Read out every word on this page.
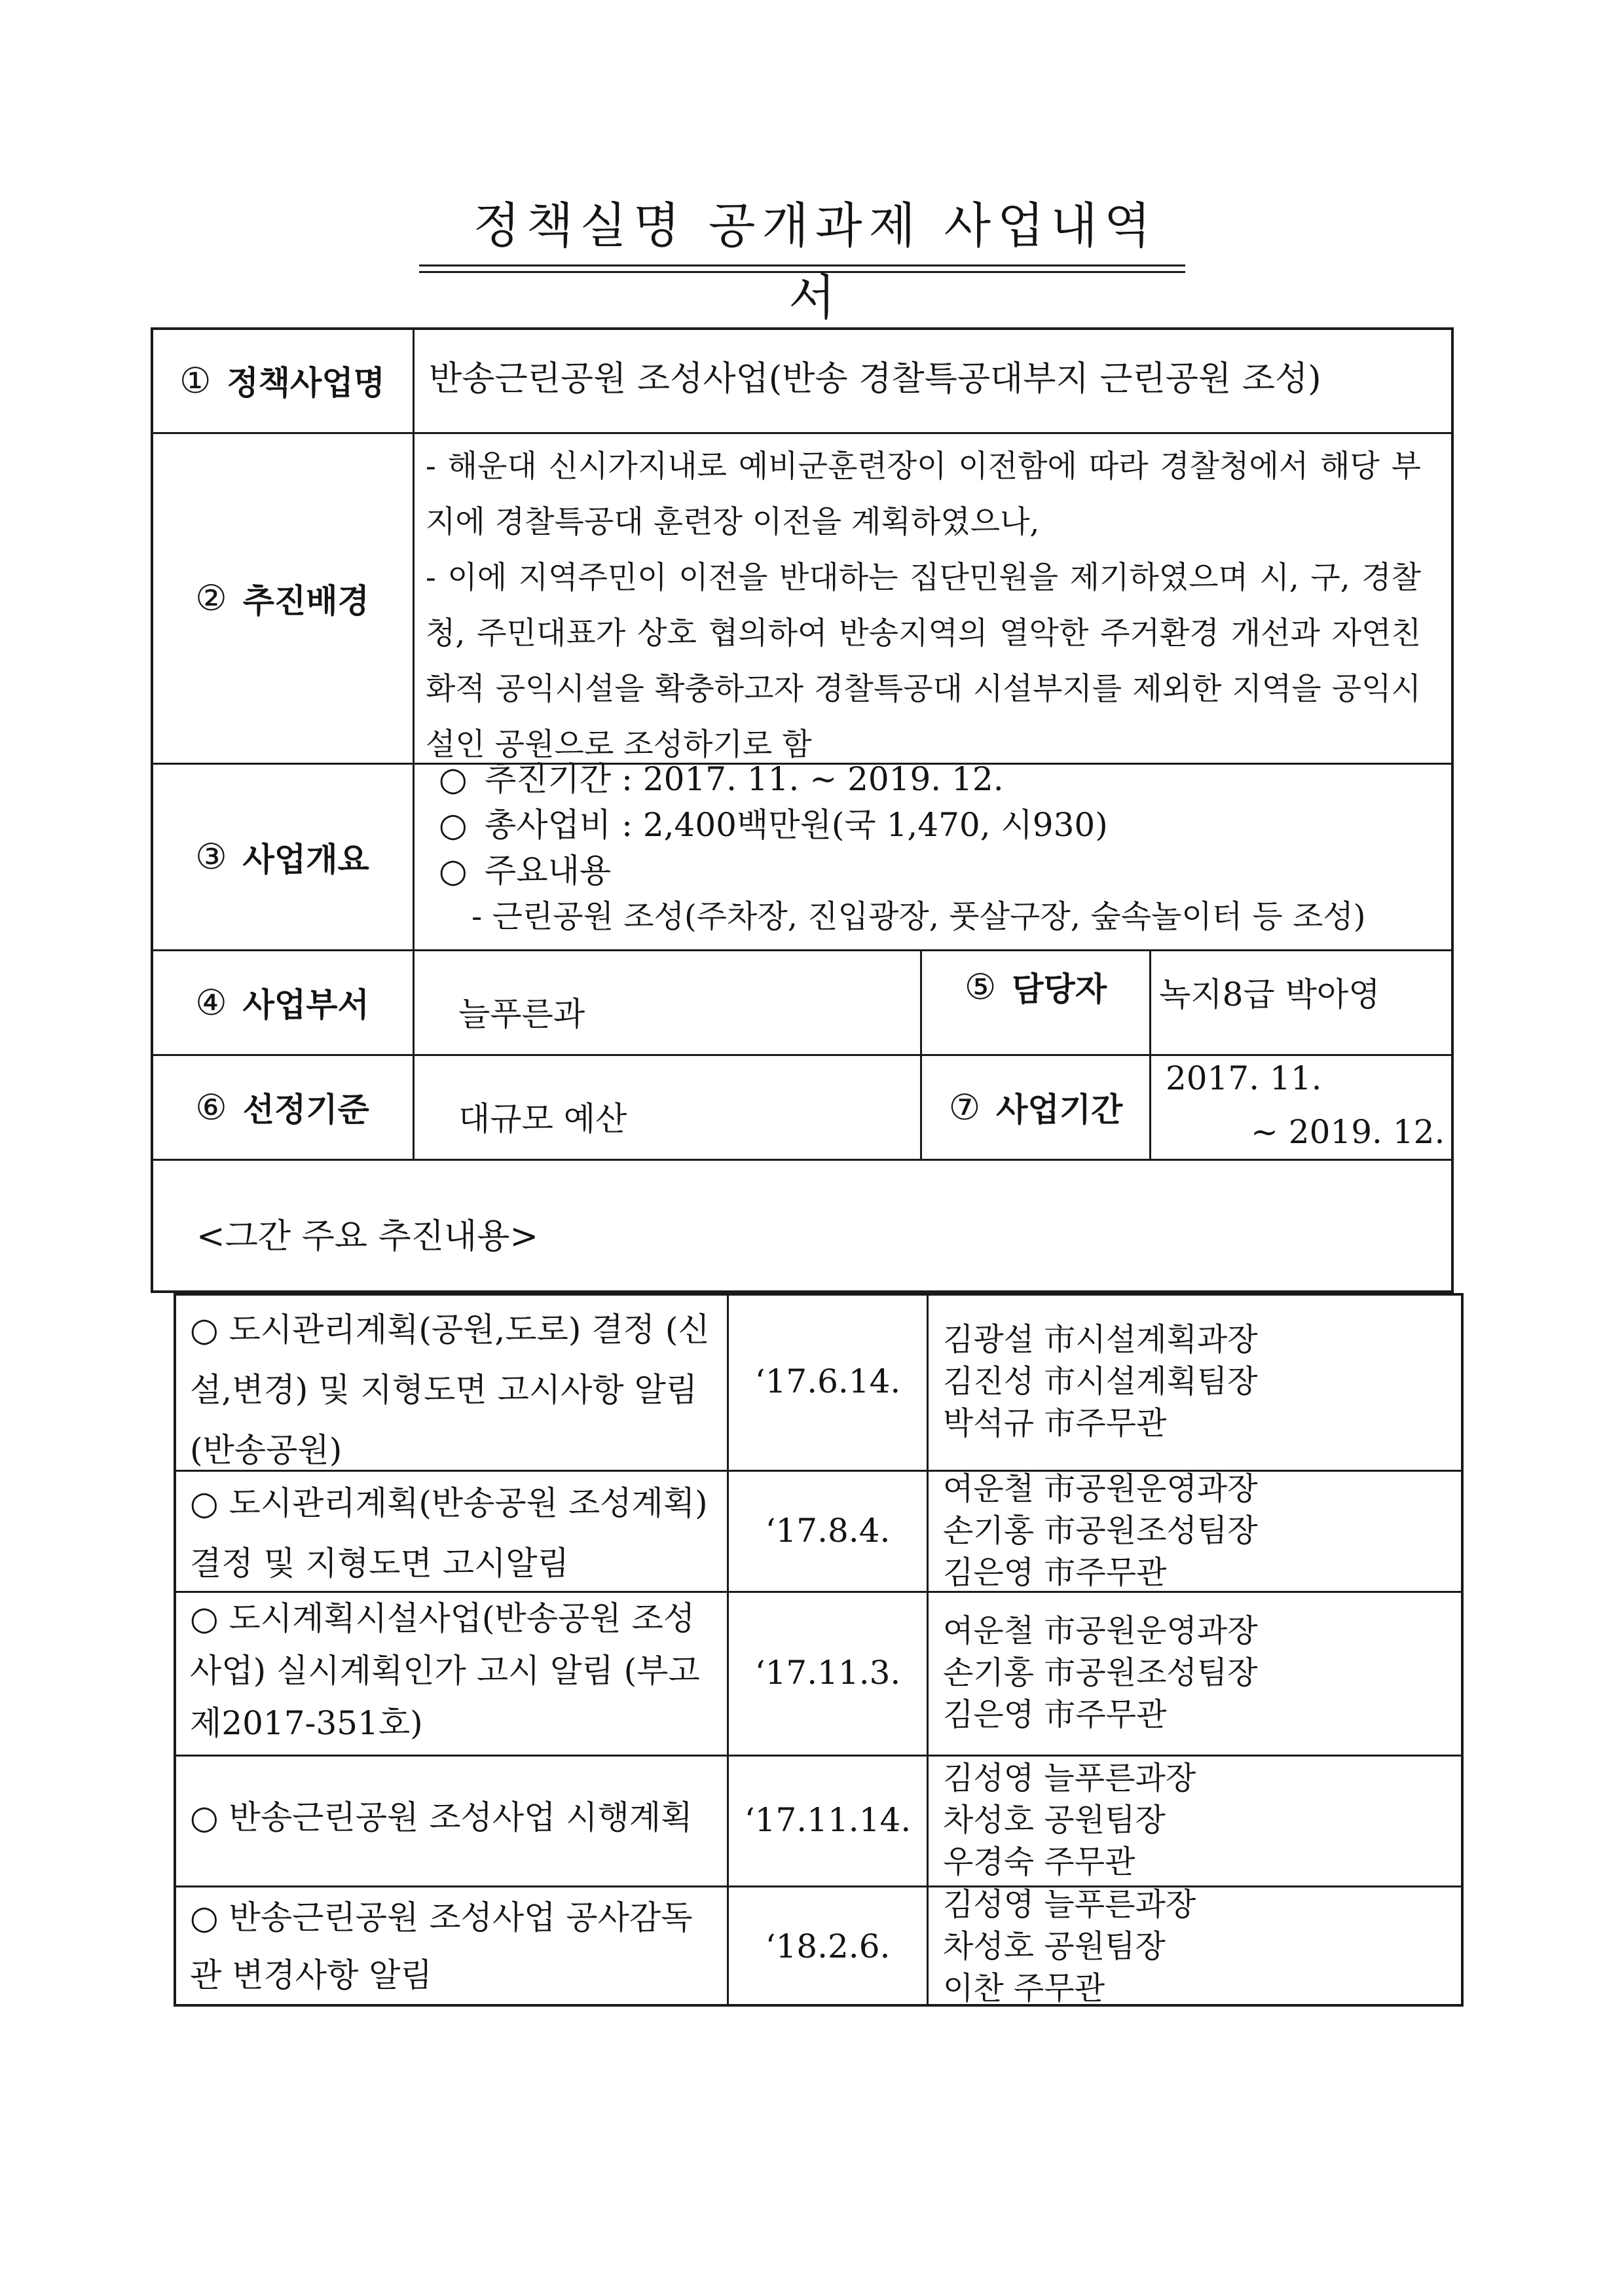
정책실명 공개과제 사업내역서
① 정책사업명 반송근린공원 조성사업(반송 경찰특공대부지 근린공원 조성)
② 추진배경
- 해운대 신시가지내로 예비군훈련장이 이전함에 따라 경찰청에서 해당 부지에 경찰특공대 훈련장 이전을 계획하였으나,
- 이에 지역주민이 이전을 반대하는 집단민원을 제기하였으며 시, 구, 경찰청, 주민대표가 상호 협의하여 반송지역의 열악한 주거환경 개선과 자연친화적 공익시설을 확충하고자 경찰특공대 시설부지를 제외한 지역을 공익시설인 공원으로 조성하기로 함
③ 사업개요
○ 추진기간 : 2017. 11. ~ 2019. 12.
○ 총사업비 : 2,400백만원(국 1,470, 시930)
○ 주요내용
- 근린공원 조성(주차장, 진입광장, 풋살구장, 숲속놀이터 등 조성)
④ 사업부서	늘푸른과
⑤ 담당자 녹지8급 박아영
⑥ 선정기준	대규모 예산	⑦ 사업기간
2017. 11.
~ 2019. 12.
<그간 주요 추진내용>
○ 도시관리계획(공원,도로) 결정 (신설,변경) 및 지형도면 고시사항 알림(반송공원)
‘17.6.14.
김광설 市시설계획과장
김진성 市시설계획팀장
박석규 市주무관
○ 도시관리계획(반송공원 조성계획) 결정 및 지형도면 고시알림
‘17.8.4.
여운철 市공원운영과장
손기홍 市공원조성팀장
김은영 市주무관
○ 도시계획시설사업(반송공원 조성사업) 실시계획인가 고시 알림 (부고 제2017-351호)
‘17.11.3.
여운철 市공원운영과장
손기홍 市공원조성팀장
김은영 市주무관
○ 반송근린공원 조성사업 시행계획	‘17.11.14.
김성영 늘푸른과장
차성호 공원팀장
우경숙 주무관
○ 반송근린공원 조성사업 공사감독관 변경사항 알림
‘18.2.6.
김성영 늘푸른과장
차성호 공원팀장
이찬 주무관
